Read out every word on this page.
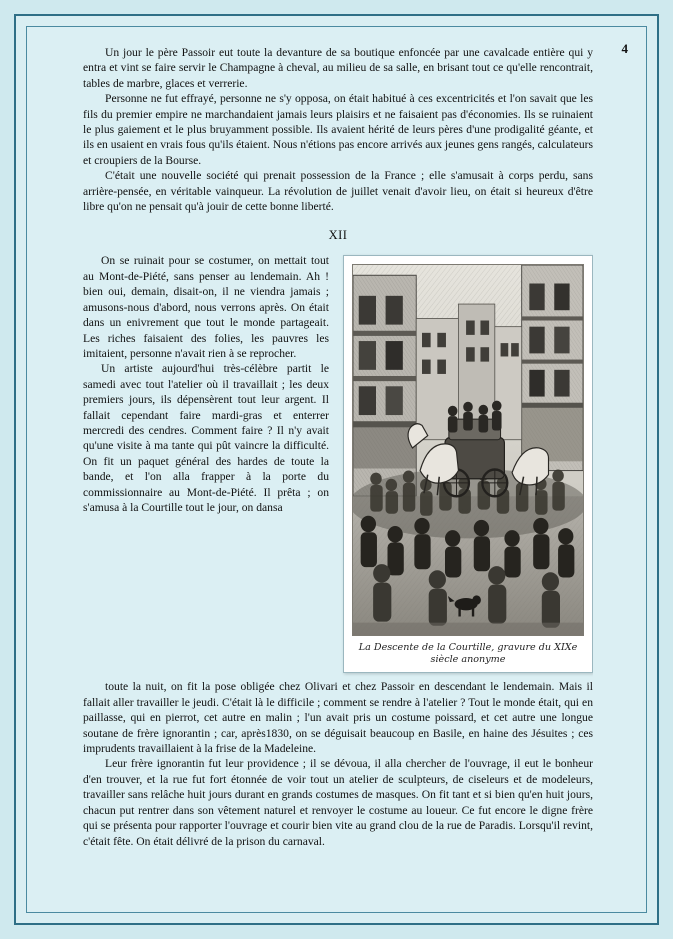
4

Un jour le père Passoir eut toute la devanture de sa boutique enfoncée par une cavalcade entière qui y entra et vint se faire servir le Champagne à cheval, au milieu de sa salle, en brisant tout ce qu'elle rencontrait, tables de marbre, glaces et verrerie.

Personne ne fut effrayé, personne ne s'y opposa, on était habitué à ces excentricités et l'on savait que les fils du premier empire ne marchandaient jamais leurs plaisirs et ne faisaient pas d'économies. Ils se ruinaient le plus gaiement et le plus bruyamment possible. Ils avaient hérité de leurs pères d'une prodigalité géante, et ils en usaient en vrais fous qu'ils étaient. Nous n'étions pas encore arrivés aux jeunes gens rangés, calculateurs et croupiers de la Bourse.

C'était une nouvelle société qui prenait possession de la France ; elle s'amusait à corps perdu, sans arrière-pensée, en véritable vainqueur. La révolution de juillet venait d'avoir lieu, on était si heureux d'être libre qu'on ne pensait qu'à jouir de cette bonne liberté.

XII
La Descente de la Courtille, gravure du XIXe siècle anonyme

On se ruinait pour se costumer, on mettait tout au Mont-de-Piété, sans penser au lendemain. Ah ! bien oui, demain, disait-on, il ne viendra jamais ; amusons-nous d'abord, nous verrons après. On était dans un enivrement que tout le monde partageait. Les riches faisaient des folies, les pauvres les imitaient, personne n'avait rien à se reprocher.

Un artiste aujourd'hui très-célèbre partit le samedi avec tout l'atelier où il travaillait ; les deux premiers jours, ils dépensèrent tout leur argent. Il fallait cependant faire mardi-gras et enterrer mercredi des cendres. Comment faire ? Il n'y avait qu'une visite à ma tante qui pût vaincre la difficulté. On fit un paquet général des hardes de toute la bande, et l'on alla frapper à la porte du commissionnaire au Mont-de-Piété. Il prêta ; on s'amusa à la Courtille tout le jour, on dansa

toute la nuit, on fit la pose obligée chez Olivari et chez Passoir en descendant le lendemain. Mais il fallait aller travailler le jeudi. C'était là le difficile ; comment se rendre à l'atelier ? Tout le monde était, qui en paillasse, qui en pierrot, cet autre en malin ; l'un avait pris un costume poissard, et cet autre une longue soutane de frère ignorantin ; car, après1830, on se déguisait beaucoup en Basile, en haine des Jésuites ; ces imprudents travaillaient à la frise de la Madeleine.

Leur frère ignorantin fut leur providence ; il se dévoua, il alla chercher de l'ouvrage, il eut le bonheur d'en trouver, et la rue fut fort étonnée de voir tout un atelier de sculpteurs, de ciseleurs et de modeleurs, travailler sans relâche huit jours durant en grands costumes de masques. On fit tant et si bien qu'en huit jours, chacun put rentrer dans son vêtement naturel et renvoyer le costume au loueur. Ce fut encore le digne frère qui se présenta pour rapporter l'ouvrage et courir bien vite au grand clou de la rue de Paradis. Lorsqu'il revint, c'était fête. On était délivré de la prison du carnaval.
